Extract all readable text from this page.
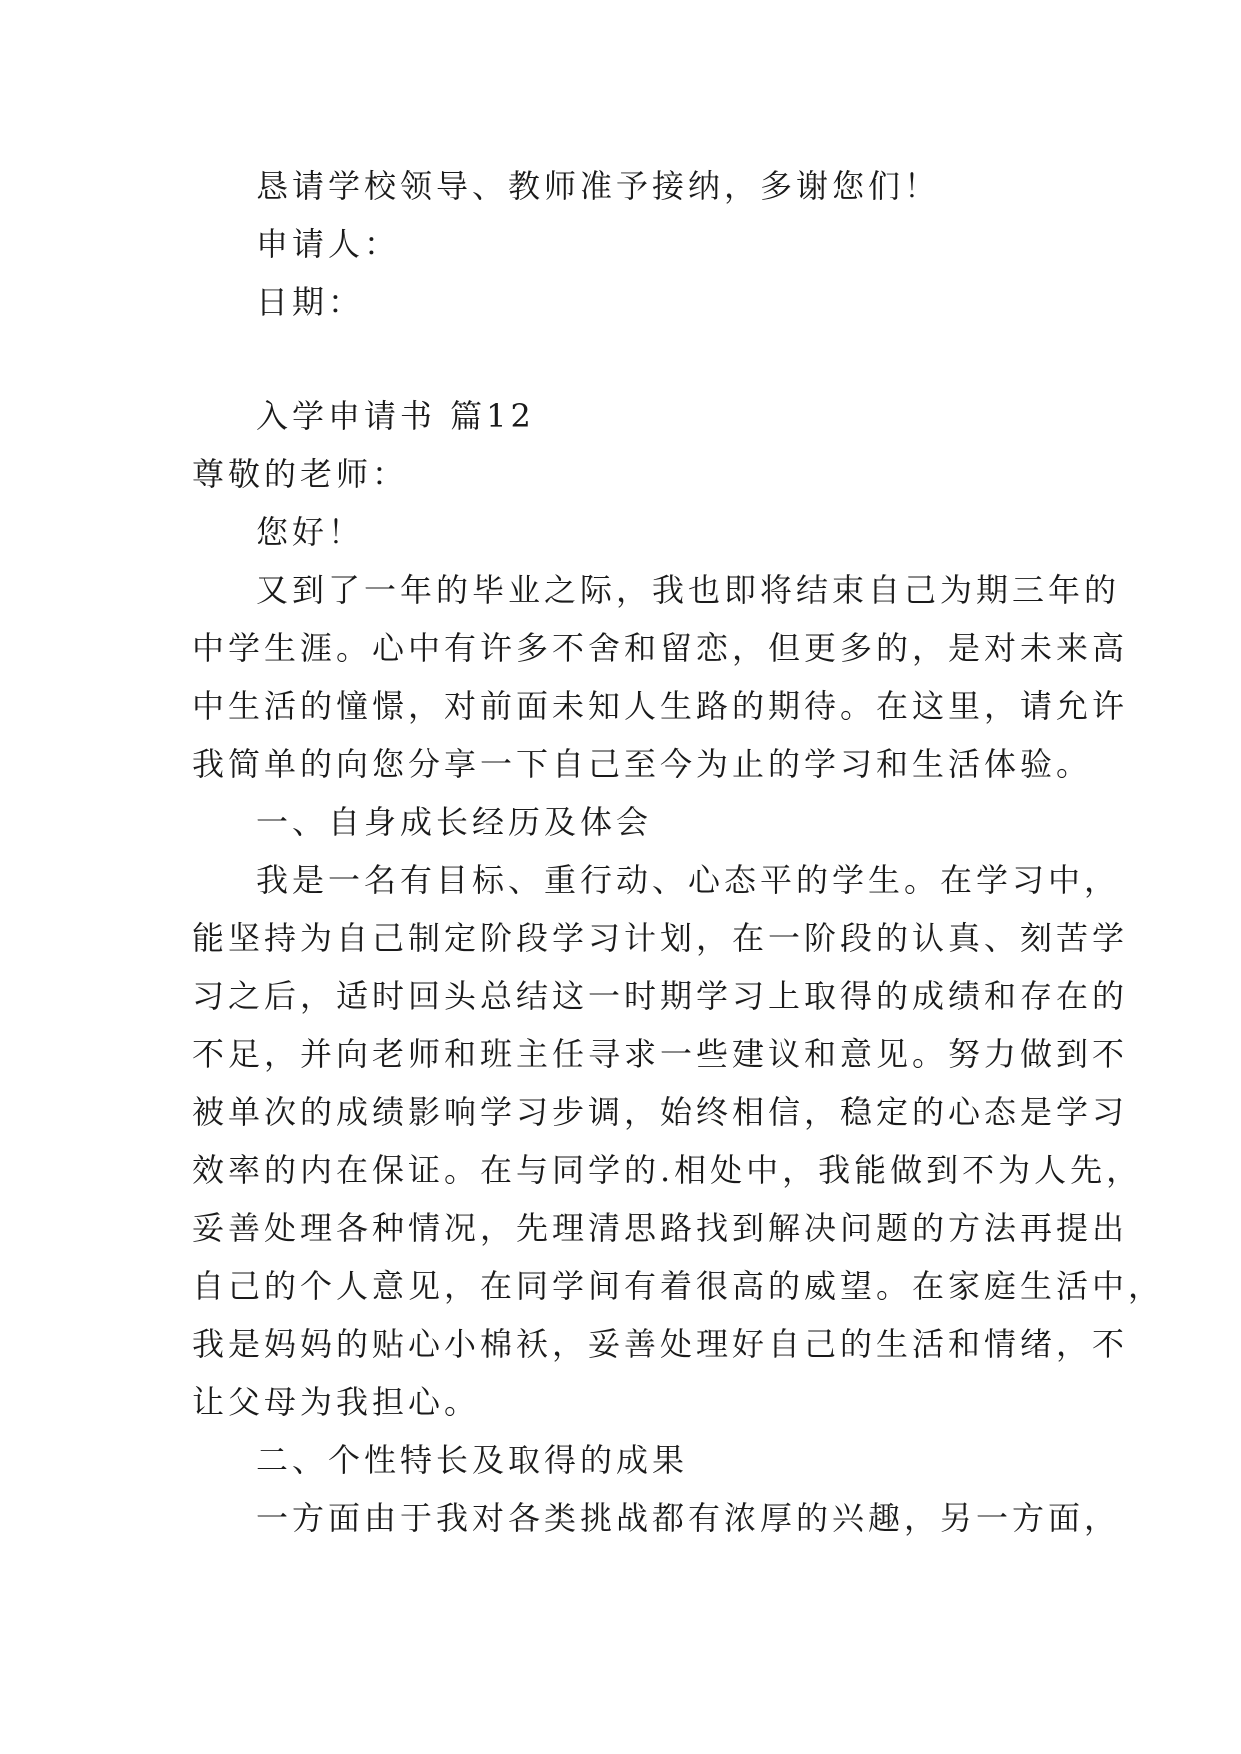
恳请学校领导、教师准予接纳，多谢您们！
申请人：
日期：
入学申请书 篇12
尊敬的老师：
您好！
又到了一年的毕业之际，我也即将结束自己为期三年的
中学生涯。心中有许多不舍和留恋，但更多的，是对未来高
中生活的憧憬，对前面未知人生路的期待。在这里，请允许
我简单的向您分享一下自己至今为止的学习和生活体验。
一、自身成长经历及体会
我是一名有目标、重行动、心态平的学生。在学习中，
能坚持为自己制定阶段学习计划，在一阶段的认真、刻苦学
习之后，适时回头总结这一时期学习上取得的成绩和存在的
不足，并向老师和班主任寻求一些建议和意见。努力做到不
被单次的成绩影响学习步调，始终相信，稳定的心态是学习
效率的内在保证。在与同学的.相处中，我能做到不为人先，
妥善处理各种情况，先理清思路找到解决问题的方法再提出
自己的个人意见，在同学间有着很高的威望。在家庭生活中，
我是妈妈的贴心小棉袄，妥善处理好自己的生活和情绪，不
让父母为我担心。
二、个性特长及取得的成果
一方面由于我对各类挑战都有浓厚的兴趣，另一方面，
